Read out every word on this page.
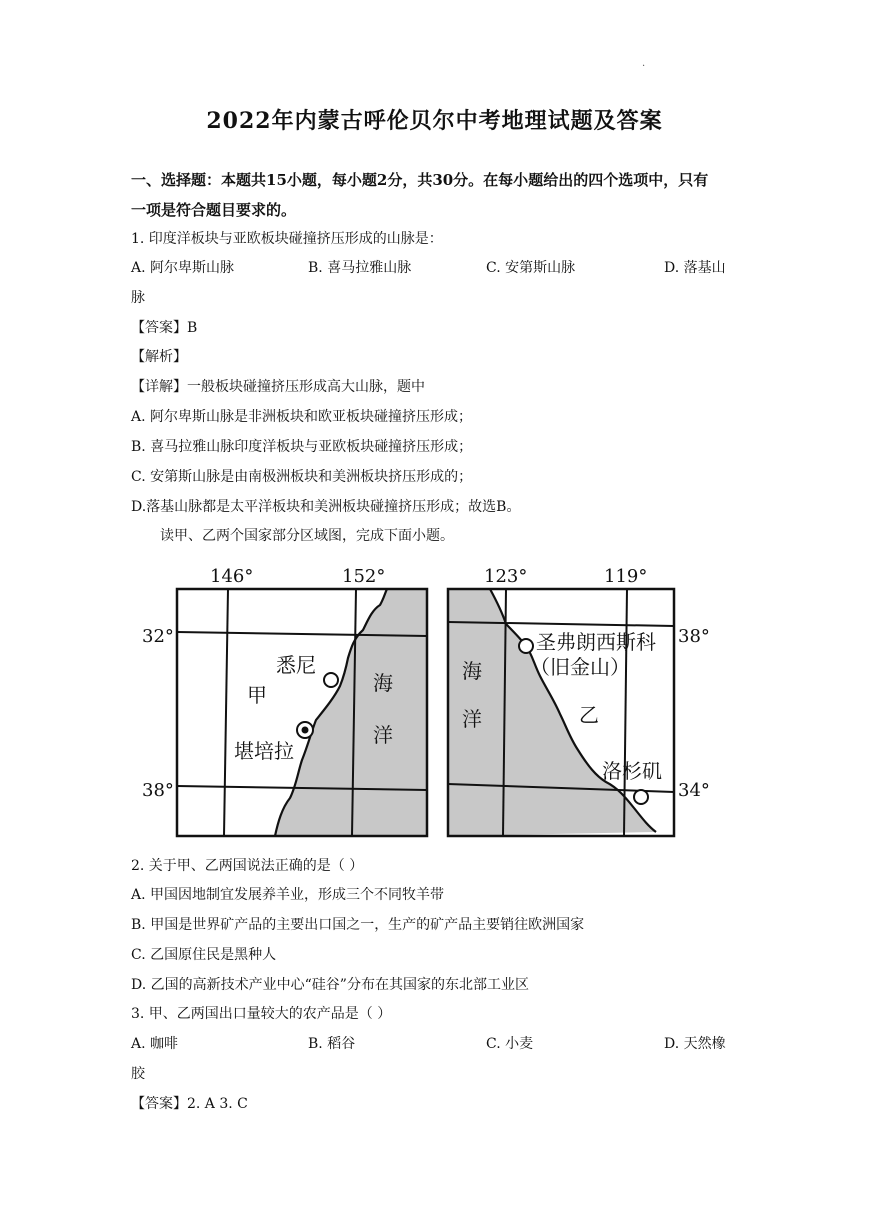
.
2022年内蒙古呼伦贝尔中考地理试题及答案
一、选择题：本题共15小题，每小题2分，共30分。在每小题给出的四个选项中，只有
一项是符合题目要求的。
1. 印度洋板块与亚欧板块碰撞挤压形成的山脉是：
A. 阿尔卑斯山脉	B. 喜马拉雅山脉	C. 安第斯山脉	D. 落基山
脉
【答案】B
【解析】
【详解】一般板块碰撞挤压形成高大山脉，题中
A. 阿尔卑斯山脉是非洲板块和欧亚板块碰撞挤压形成；
B. 喜马拉雅山脉印度洋板块与亚欧板块碰撞挤压形成；
C. 安第斯山脉是由南极洲板块和美洲板块挤压形成的；
D.落基山脉都是太平洋板块和美洲板块碰撞挤压形成；故选B。
读甲、乙两个国家部分区域图，完成下面小题。
146°	152°
32°
38°
悉尼
甲
堪培拉
海
洋
123°	119°
38°
34°
圣弗朗西斯科
（旧金山）
乙
洛杉矶
海
洋
2. 关于甲、乙两国说法正确的是（ ）
A. 甲国因地制宜发展养羊业，形成三个不同牧羊带
B. 甲国是世界矿产品的主要出口国之一，生产的矿产品主要销往欧洲国家
C. 乙国原住民是黑种人
D. 乙国的高新技术产业中心“硅谷”分布在其国家的东北部工业区
3. 甲、乙两国出口量较大的农产品是（ ）
A. 咖啡	B. 稻谷	C. 小麦	D. 天然橡
胶
【答案】2. A 3. C
